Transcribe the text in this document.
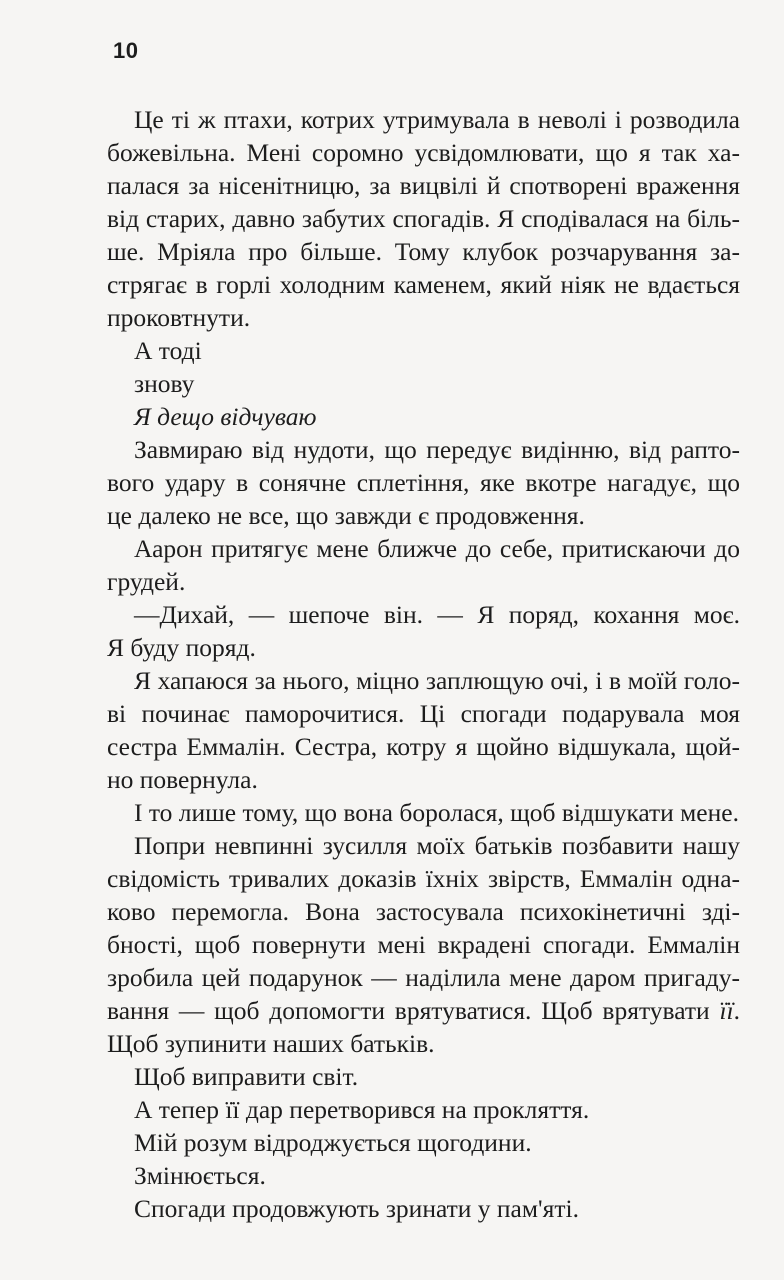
10

Це ті ж птахи, котрих утримувала в неволі і розводила
божевільна. Мені соромно усвідомлювати, що я так ха-
палася за нісенітницю, за вицвілі й спотворені враження
від старих, давно забутих спогадів. Я сподівалася на біль-
ше. Мріяла про більше. Тому клубок розчарування за-
стрягає в горлі холодним каменем, який ніяк не вдається
проковтнути.

А тоді

знову

Я дещо відчуваю

Завмираю від нудоти, що передує видінню, від рапто-
вого удару в сонячне сплетіння, яке вкотре нагадує, що
це далеко не все, що завжди є продовження.

Аарон притягує мене ближче до себе, притискаючи до
грудей.

—Дихай, — шепоче він. — Я поряд, кохання моє.
Я буду поряд.

Я хапаюся за нього, міцно заплющую очі, і в моїй голо-
ві починає паморочитися. Ці спогади подарувала моя
сестра Еммалін. Сестра, котру я щойно відшукала, щой-
но повернула.

І то лише тому, що вона боролася, щоб відшукати мене.

Попри невпинні зусилля моїх батьків позбавити нашу
свідомість тривалих доказів їхніх звірств, Еммалін одна-
ково перемогла. Вона застосувала психокінетичні зді-
бності, щоб повернути мені вкрадені спогади. Еммалін
зробила цей подарунок — наділила мене даром пригаду-
вання — щоб допомогти врятуватися. Щоб врятувати її.
Щоб зупинити наших батьків.

Щоб виправити світ.

А тепер її дар перетворився на прокляття.

Мій розум відроджується щогодини.

Змінюється.

Спогади продовжують зринати у пам'яті.
